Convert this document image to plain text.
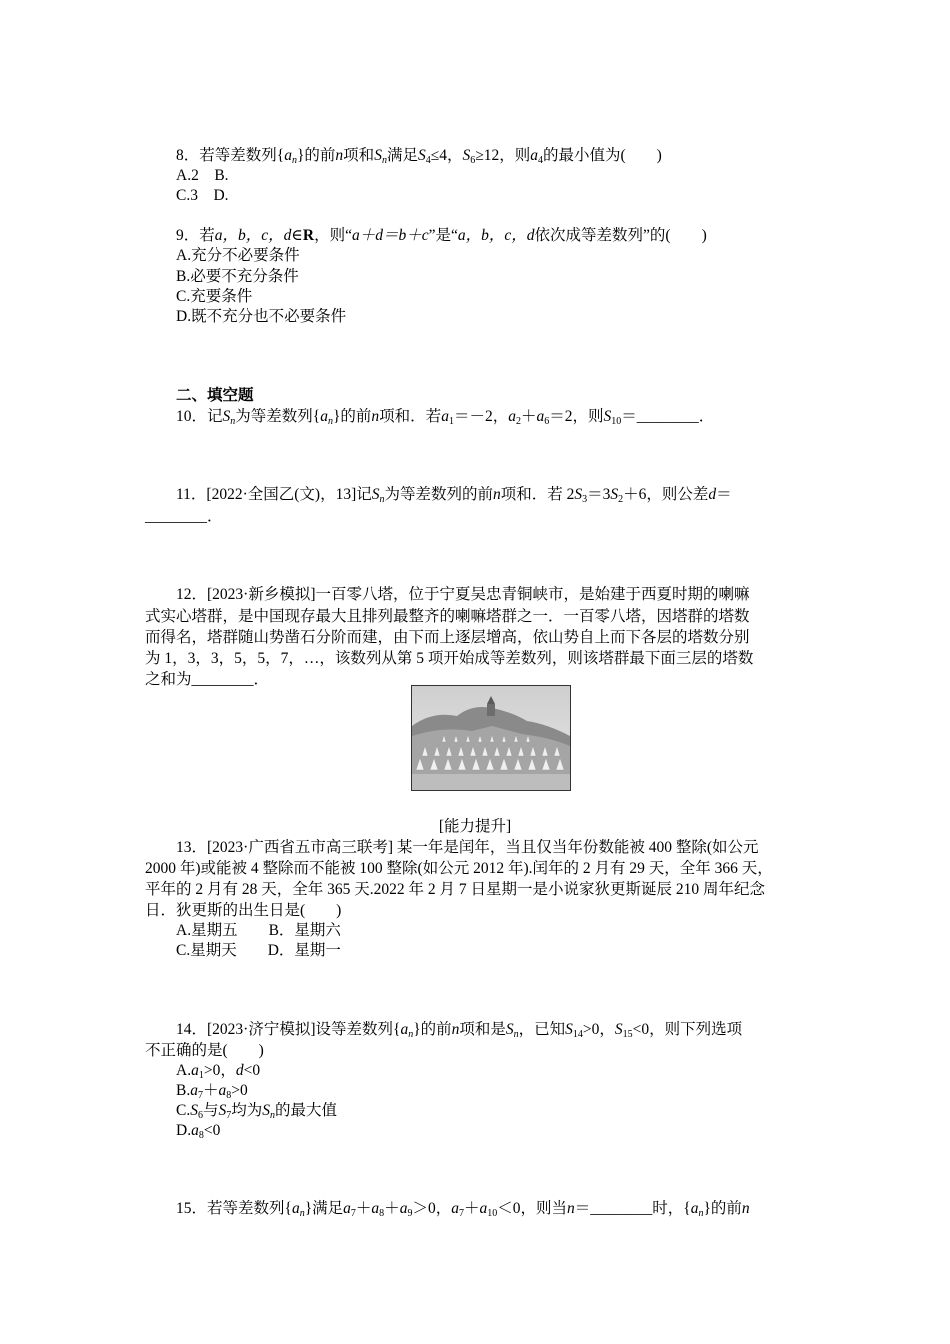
8．若等差数列$\{a_n\}$的前n项和$S_n$满足$S_4\le 4$，$S_6\ge 12$，则$a_4$的最小值为(　　)
A.2　B.
C.3　D.
9．若a，b，c，d∈R，则“a＋d＝b＋c”是“a，b，c，d依次成等差数列”的(　　)
A.充分不必要条件
B.必要不充分条件
C.充要条件
D.既不充分也不必要条件
二、填空题
10．记$S_n$为等差数列$\{a_n\}$的前n项和．若$a_1=-2$，$a_2+a_6=2$，则$S_{10}=\_\_\_\_\_\_\_\_$．
11．[2022·全国乙(文)，13]记$S_n$为等差数列的前n项和．若 $2S_3=3S_2+6$，则公差d＝
________．
12．[2023·新乡模拟]一百零八塔，位于宁夏吴忠青铜峡市，是始建于西夏时期的喇嘛
式实心塔群，是中国现存最大且排列最整齐的喇嘛塔群之一．一百零八塔，因塔群的塔数
而得名，塔群随山势凿石分阶而建，由下而上逐层增高，依山势自上而下各层的塔数分别
为 1，3，3，5，5，7，…，该数列从第 5 项开始成等差数列，则该塔群最下面三层的塔数
之和为________．
[能力提升]
13．[2023·广西省五市高三联考] 某一年是闰年，当且仅当年份数能被 400 整除(如公元
2000 年)或能被 4 整除而不能被 100 整除(如公元 2012 年).闰年的 2 月有 29 天，全年 366 天，
平年的 2 月有 28 天，全年 365 天.2022 年 2 月 7 日星期一是小说家狄更斯诞辰 210 周年纪念
日．狄更斯的出生日是(　　)
A.星期五　　B．星期六
C.星期天　　D．星期一
14．[2023·济宁模拟]设等差数列$\{a_n\}$的前n项和是$S_n$，已知$S_{14}>0$，$S_{15}<0$，则下列选项
不正确的是(　　)
$A.a_1>0$，d<0
$B.a_7+a_8>0$
$C.S_6$与$S_7$均为$S_n$的最大值
$D.a_8<0$
15．若等差数列$\{a_n\}$满足$a_7+a_8+a_9>0$，$a_7+a_{10}<0$，则当n＝________时，$\{a_n\}$的前n
